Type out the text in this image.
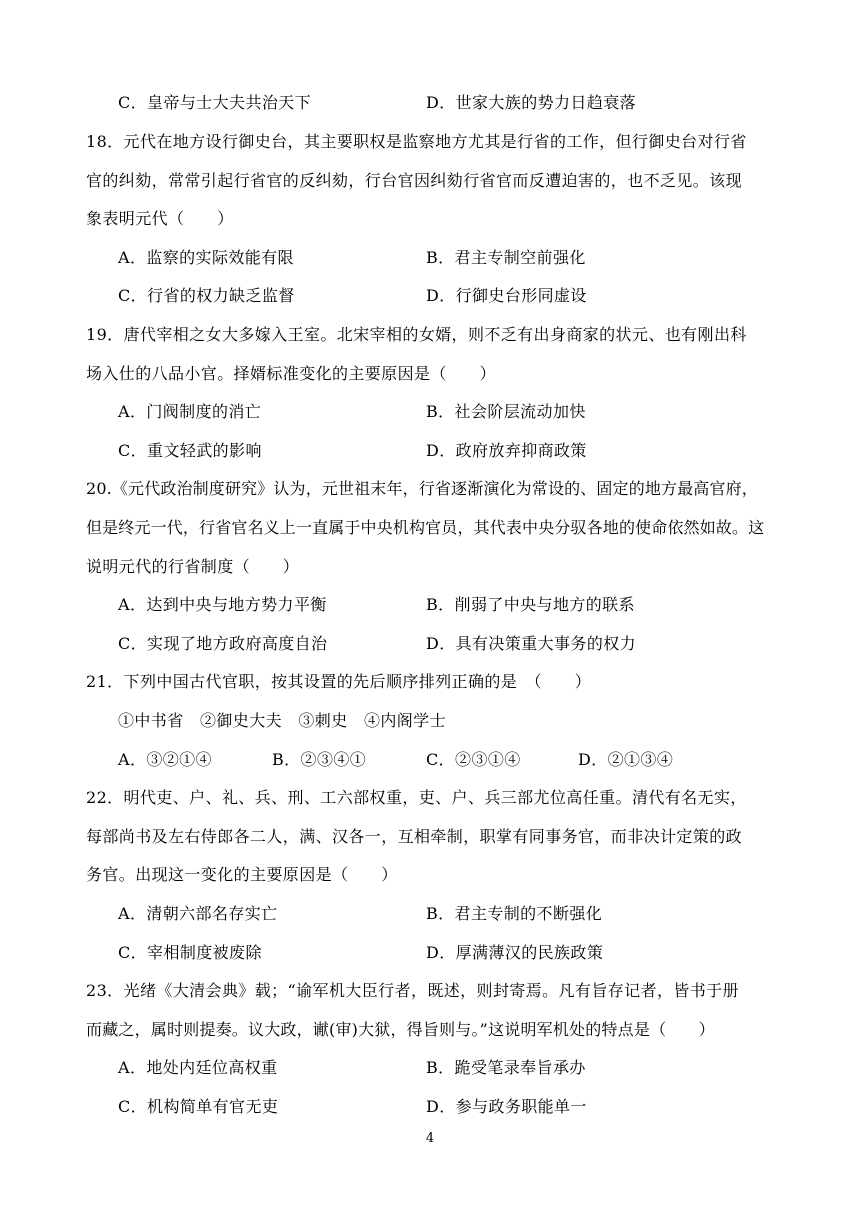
C．皇帝与士大夫共治天下	D．世家大族的势力日趋衰落
18．元代在地方设行御史台，其主要职权是监察地方尤其是行省的工作，但行御史台对行省
官的纠劾，常常引起行省官的反纠劾，行台官因纠劾行省官而反遭迫害的，也不乏见。该现
象表明元代（　　）
A．监察的实际效能有限	B．君主专制空前强化
C．行省的权力缺乏监督	D．行御史台形同虚设
19．唐代宰相之女大多嫁入王室。北宋宰相的女婿，则不乏有出身商家的状元、也有刚出科
场入仕的八品小官。择婿标准变化的主要原因是（　　）
A．门阀制度的消亡	B．社会阶层流动加快
C．重文轻武的影响	D．政府放弃抑商政策
20.《元代政治制度研究》认为，元世祖末年，行省逐渐演化为常设的、固定的地方最高官府，
但是终元一代，行省官名义上一直属于中央机构官员，其代表中央分驭各地的使命依然如故。这
说明元代的行省制度（　　）
A．达到中央与地方势力平衡	B．削弱了中央与地方的联系
C．实现了地方政府高度自治	D．具有决策重大事务的权力
21．下列中国古代官职，按其设置的先后顺序排列正确的是　（　　）
①中书省　②御史大夫　③刺史　④内阁学士
A．③②①④	B．②③④①	C．②③①④	D．②①③④
22．明代吏、户、礼、兵、刑、工六部权重，吏、户、兵三部尤位高任重。清代有名无实，
每部尚书及左右侍郎各二人，满、汉各一，互相牵制，职掌有同事务官，而非决计定策的政
务官。出现这一变化的主要原因是（　　）
A．清朝六部名存实亡	B．君主专制的不断强化
C．宰相制度被废除	D．厚满薄汉的民族政策
23．光绪《大清会典》载；“谕军机大臣行者，既述，则封寄焉。凡有旨存记者，皆书于册
而藏之，属时则提奏。议大政，谳(审)大狱，得旨则与。”这说明军机处的特点是（　　）
A．地处内廷位高权重	B．跪受笔录奉旨承办
C．机构简单有官无吏	D．参与政务职能单一
4
